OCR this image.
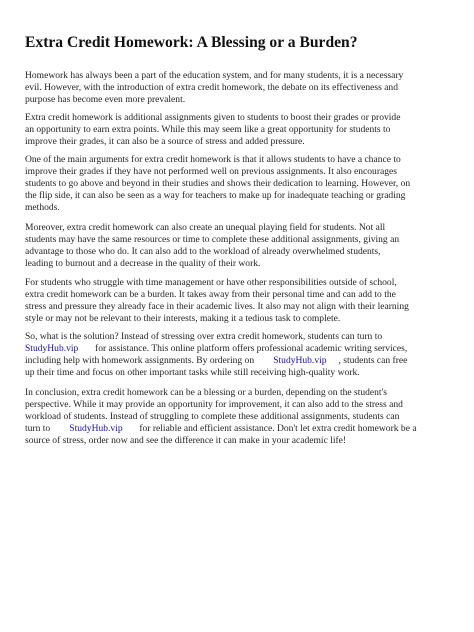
Extra Credit Homework: A Blessing or a Burden?

Homework has always been a part of the education system, and for many students, it is a necessary
evil. However, with the introduction of extra credit homework, the debate on its effectiveness and
purpose has become even more prevalent.

Extra credit homework is additional assignments given to students to boost their grades or provide
an opportunity to earn extra points. While this may seem like a great opportunity for students to
improve their grades, it can also be a source of stress and added pressure.

One of the main arguments for extra credit homework is that it allows students to have a chance to
improve their grades if they have not performed well on previous assignments. It also encourages
students to go above and beyond in their studies and shows their dedication to learning. However, on
the flip side, it can also be seen as a way for teachers to make up for inadequate teaching or grading
methods.

Moreover, extra credit homework can also create an unequal playing field for students. Not all
students may have the same resources or time to complete these additional assignments, giving an
advantage to those who do. It can also add to the workload of already overwhelmed students,
leading to burnout and a decrease in the quality of their work.

For students who struggle with time management or have other responsibilities outside of school,
extra credit homework can be a burden. It takes away from their personal time and can add to the
stress and pressure they already face in their academic lives. It also may not align with their learning
style or may not be relevant to their interests, making it a tedious task to complete.

So, what is the solution? Instead of stressing over extra credit homework, students can turn to
StudyHub.vip for assistance. This online platform offers professional academic writing services,
including help with homework assignments. By ordering on StudyHub.vip , students can free
up their time and focus on other important tasks while still receiving high-quality work.

In conclusion, extra credit homework can be a blessing or a burden, depending on the student's
perspective. While it may provide an opportunity for improvement, it can also add to the stress and
workload of students. Instead of struggling to complete these additional assignments, students can
turn to StudyHub.vip for reliable and efficient assistance. Don't let extra credit homework be a
source of stress, order now and see the difference it can make in your academic life!
